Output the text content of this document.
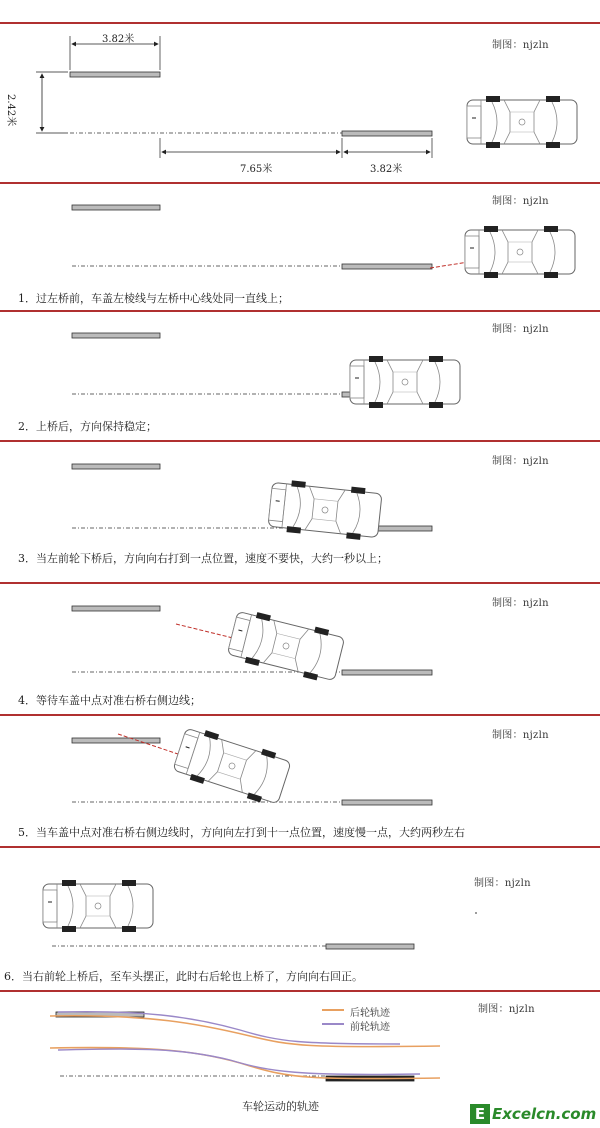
制图：njzln
制图：njzln
制图：njzln
制图：njzln
制图：njzln
制图：njzln
制图：njzln
制图：njzln
3.82米
2.42米
7.65米	3.82米
1．过左桥前，车盖左棱线与左桥中心线处同一直线上；
2．上桥后，方向保持稳定；
3．当左前轮下桥后，方向向右打到一点位置，速度不要快，大约一秒以上；
4．等待车盖中点对准右桥右侧边线；
5．当车盖中点对准右桥右侧边线时，方向向左打到十一点位置，速度慢一点，大约两秒左右
6．当右前轮上桥后，至车头摆正，此时右后轮也上桥了，方向向右回正。
后轮轨迹
前轮轨迹
车轮运动的轨迹	E Excelcn.com
